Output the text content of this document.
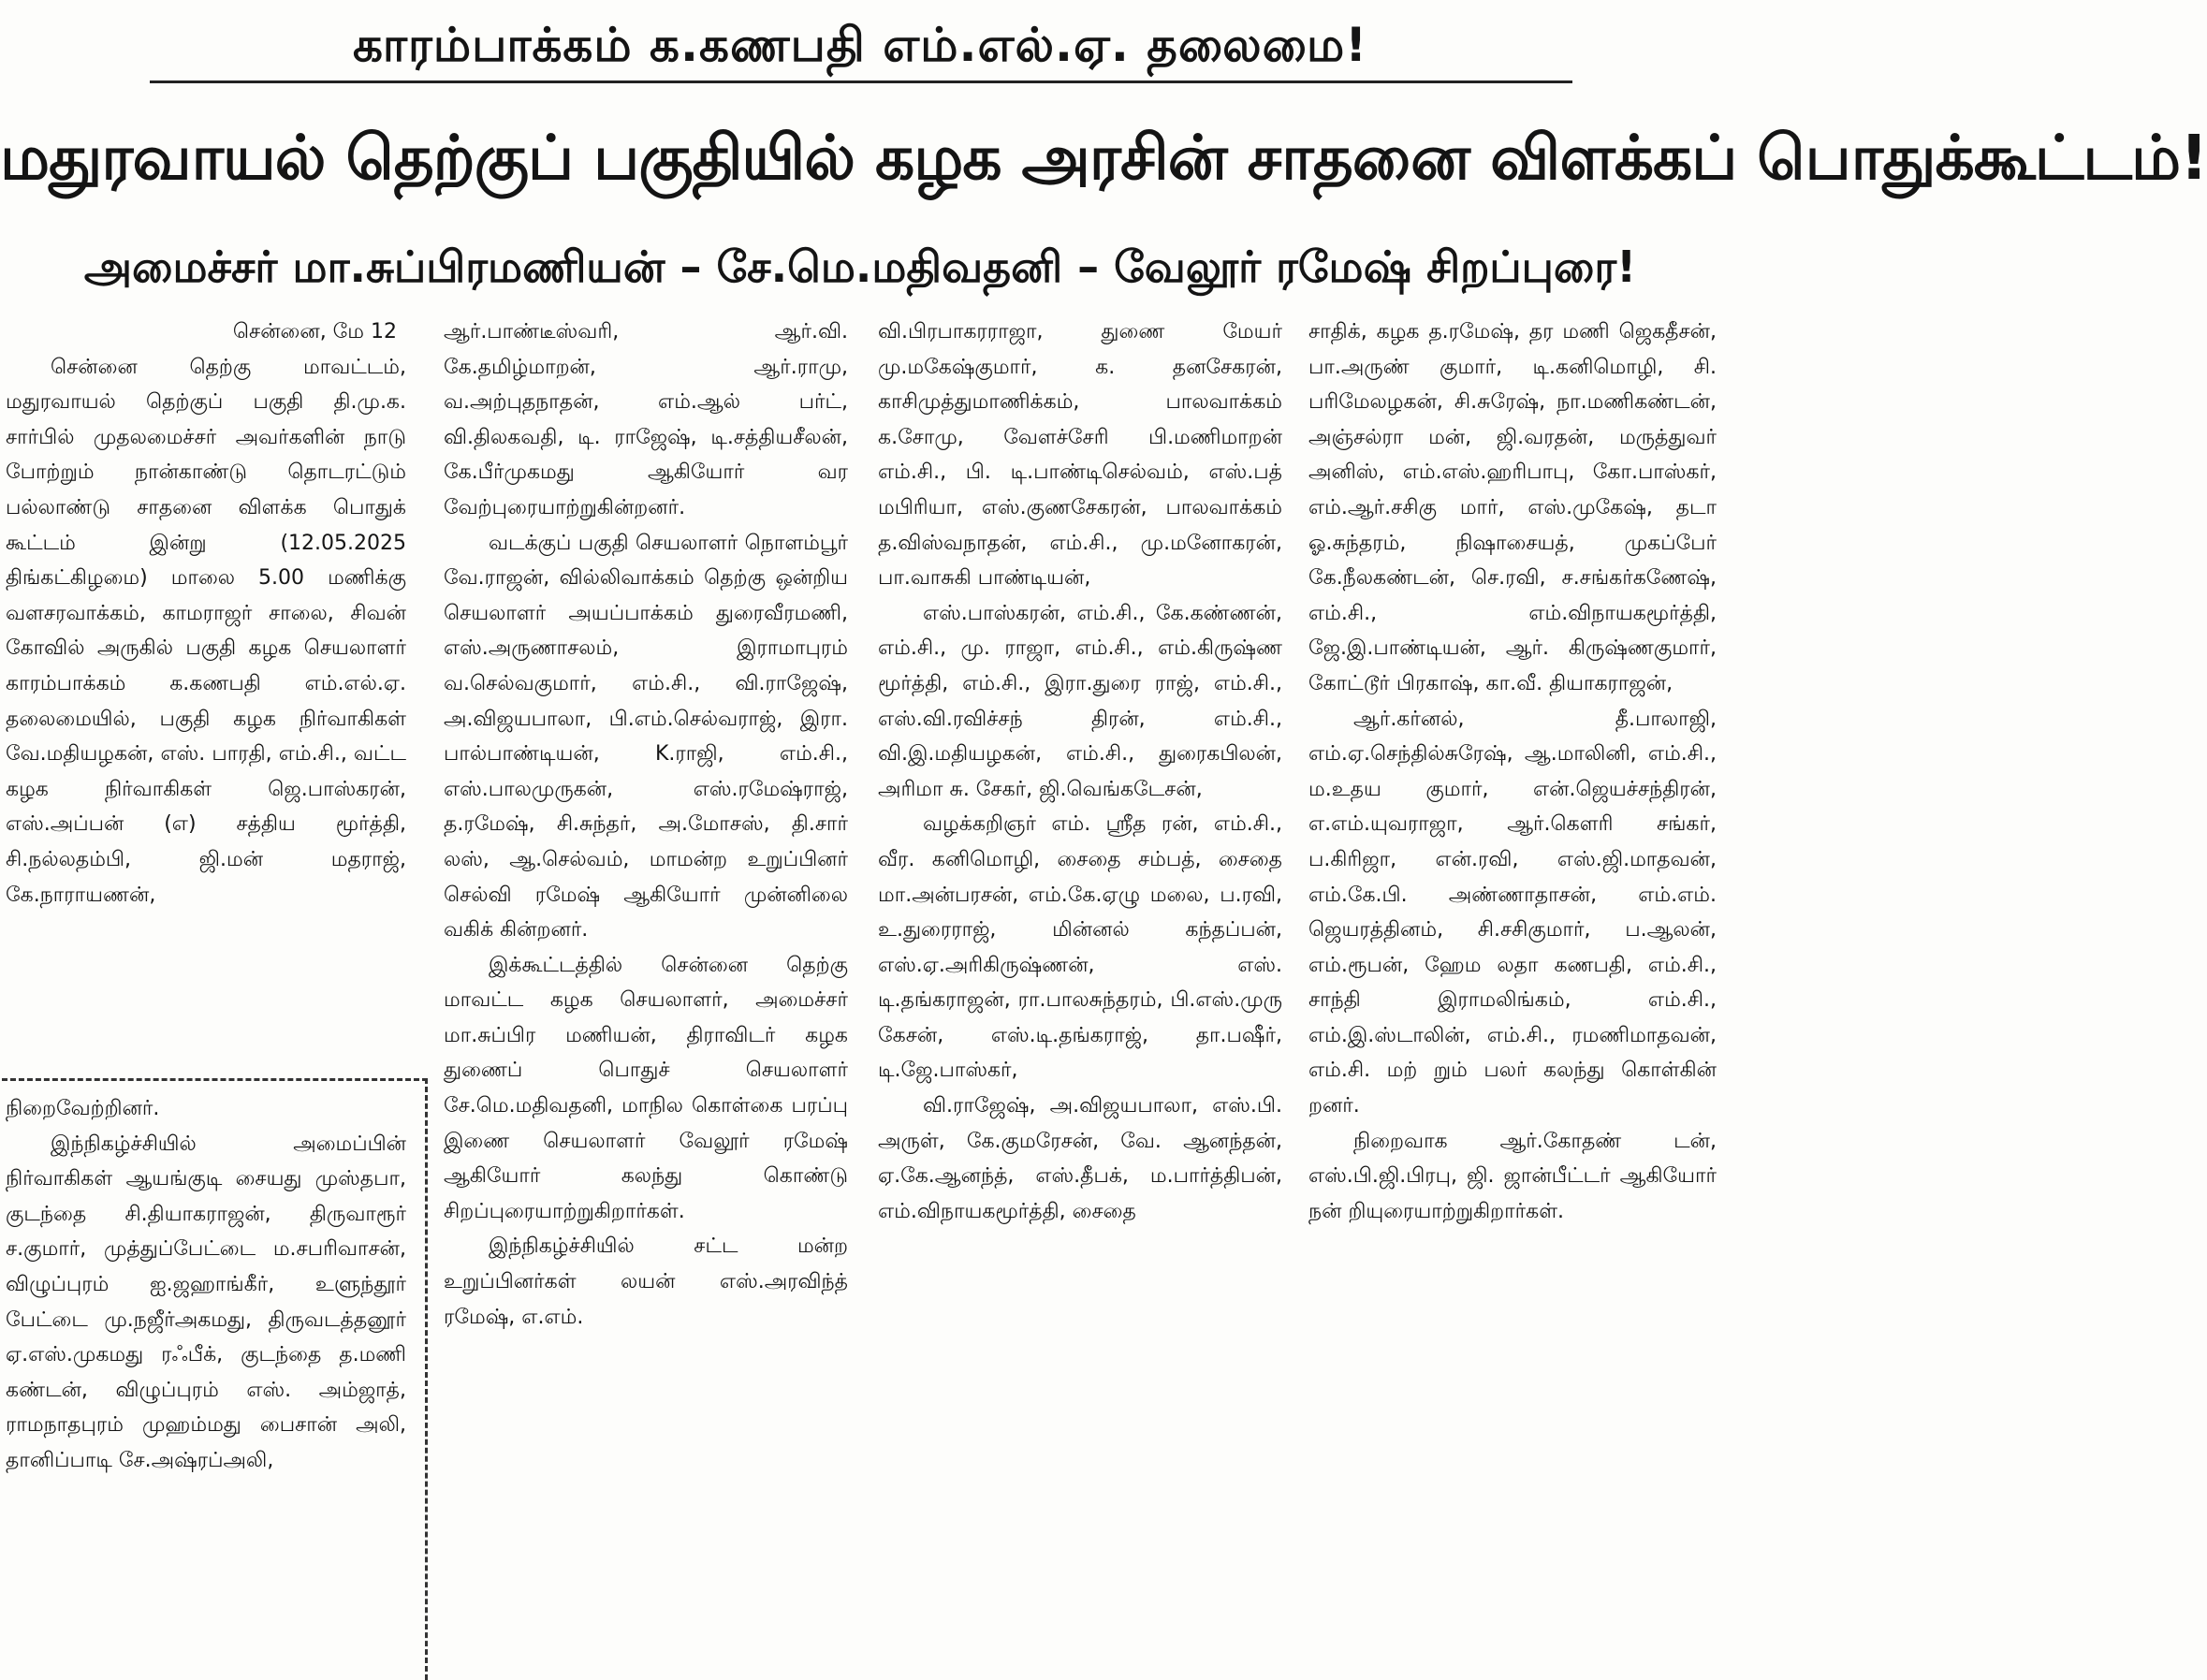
காரம்பாக்கம் க.கணபதி எம்.எல்.ஏ. தலைமை!
மதுரவாயல் தெற்குப் பகுதியில் கழக அரசின் சாதனை விளக்கப் பொதுக்கூட்டம்!
அமைச்சர் மா.சுப்பிரமணியன் – சே.மெ.மதிவதனி – வேலூர் ரமேஷ் சிறப்புரை!

சென்னை, மே 12

சென்னை தெற்கு மாவட்டம், மதுரவாயல் தெற்குப் பகுதி தி.மு.க. சார்பில் முதலமைச்சர் அவர்களின் நாடு போற்றும் நான்காண்டு தொடரட்டும் பல்லாண்டு சாதனை விளக்க பொதுக் கூட்டம் இன்று (12.05.2025 திங்கட்கிழமை) மாலை 5.00 மணிக்கு வளசரவாக்கம், காமராஜர் சாலை, சிவன் கோவில் அருகில் பகுதி கழக செயலாளர் காரம்பாக்கம் க.கணபதி எம்.எல்.ஏ. தலைமையில், பகுதி கழக நிர்வாகிகள் வே.மதியழகன், எஸ். பாரதி, எம்.சி., வட்ட கழக நிர்வாகிகள் ஜெ.பாஸ்கரன், எஸ்.அப்பன் (எ) சத்திய மூர்த்தி, சி.நல்லதம்பி, ஜி.மன் மதராஜ், கே.நாராயணன்,

நிறைவேற்றினர்.

இந்நிகழ்ச்சியில் அமைப்பின் நிர்வாகிகள் ஆயங்குடி சையது முஸ்தபா, குடந்தை சி.தியாகராஜன், திருவாரூர் ச.குமார், முத்துப்பேட்டை ம.சபரிவாசன், விழுப்புரம் ஐ.ஜஹாங்கீர், உளுந்தூர் பேட்டை மு.நஜீர்அகமது, திருவடத்தனூர் ஏ.எஸ்.முகமது ரஃபீக், குடந்தை த.மணி கண்டன், விழுப்புரம் எஸ். அம்ஜாத், ராமநாதபுரம் முஹம்மது பைசான் அலி, தானிப்பாடி சே.அஷ்ரப்அலி,

ஆர்.பாண்டீஸ்வரி, ஆர்.வி. கே.தமிழ்மாறன், ஆர்.ராமு, வ.அற்புதநாதன், எம்.ஆல் பர்ட், வி.திலகவதி, டி. ராஜேஷ், டி.சத்தியசீலன், கே.பீர்முகமது ஆகியோர் வர வேற்புரையாற்றுகின்றனர்.

வடக்குப் பகுதி செயலாளர் நொளம்பூர் வே.ராஜன், வில்லிவாக்கம் தெற்கு ஒன்றிய செயலாளர் அயப்பாக்கம் துரைவீரமணி, எஸ்.அருணாசலம், இராமாபுரம் வ.செல்வகுமார், எம்.சி., வி.ராஜேஷ், அ.விஜயபாலா, பி.எம்.செல்வராஜ், இரா. பால்பாண்டியன், K.ராஜி, எம்.சி., எஸ்.பாலமுருகன், எஸ்.ரமேஷ்ராஜ், த.ரமேஷ், சி.சுந்தர், அ.மோசஸ், தி.சார் லஸ், ஆ.செல்வம், மாமன்ற உறுப்பினர் செல்வி ரமேஷ் ஆகியோர் முன்னிலை வகிக் கின்றனர்.

இக்கூட்டத்தில் சென்னை தெற்கு மாவட்ட கழக செயலாளர், அமைச்சர் மா.சுப்பிர மணியன், திராவிடர் கழக துணைப் பொதுச் செயலாளர் சே.மெ.மதிவதனி, மாநில கொள்கை பரப்பு இணை செயலாளர் வேலூர் ரமேஷ் ஆகியோர் கலந்து கொண்டு சிறப்புரையாற்றுகிறார்கள்.

இந்நிகழ்ச்சியில் சட்ட மன்ற உறுப்பினர்கள் லயன் எஸ்.அரவிந்த் ரமேஷ், எ.எம்.

வி.பிரபாகரராஜா, துணை மேயர் மு.மகேஷ்குமார், க. தனசேகரன், காசிமுத்துமாணிக்கம், பாலவாக்கம் க.சோமு, வேளச்சேரி பி.மணிமாறன் எம்.சி., பி. டி.பாண்டிசெல்வம், எஸ்.பத் மபிரியா, எஸ்.குணசேகரன், பாலவாக்கம் த.விஸ்வநாதன், எம்.சி., மு.மனோகரன், பா.வாசுகி பாண்டியன்,

எஸ்.பாஸ்கரன், எம்.சி., கே.கண்ணன், எம்.சி., மு. ராஜா, எம்.சி., எம்.கிருஷ்ண மூர்த்தி, எம்.சி., இரா.துரை ராஜ், எம்.சி., எஸ்.வி.ரவிச்சந் திரன், எம்.சி., வி.இ.மதியழகன், எம்.சி., துரைகபிலன், அரிமா சு. சேகர், ஜி.வெங்கடேசன்,

வழக்கறிஞர் எம். ஸ்ரீத ரன், எம்.சி., வீர. கனிமொழி, சைதை சம்பத், சைதை மா.அன்பரசன், எம்.கே.ஏழு மலை, ப.ரவி, உ.துரைராஜ், மின்னல் கந்தப்பன், எஸ்.ஏ.அரிகிருஷ்ணன், எஸ். டி.தங்கராஜன், ரா.பாலசுந்தரம், பி.எஸ்.முரு கேசன், எஸ்.டி.தங்கராஜ், தா.பஷீர், டி.ஜே.பாஸ்கர்,

வி.ராஜேஷ், அ.விஜயபாலா, எஸ்.பி. அருள், கே.குமரேசன், வே. ஆனந்தன், ஏ.கே.ஆனந்த், எஸ்.தீபக், ம.பார்த்திபன், எம்.விநாயகமூர்த்தி, சைதை

சாதிக், கழக த.ரமேஷ், தர மணி ஜெகதீசன், பா.அருண் குமார், டி.கனிமொழி, சி. பரிமேலழகன், சி.சுரேஷ், நா.மணிகண்டன், அஞ்சல்ரா மன், ஜி.வரதன், மருத்துவர் அனிஸ், எம்.எஸ்.ஹரிபாபு, கோ.பாஸ்கர், எம்.ஆர்.சசிகு மார், எஸ்.முகேஷ், தடா ஓ.சுந்தரம், நிஷாசையத், முகப்பேர் கே.நீலகண்டன், செ.ரவி, ச.சங்கர்கணேஷ், எம்.சி., எம்.விநாயகமூர்த்தி, ஜே.இ.பாண்டியன், ஆர். கிருஷ்ணகுமார், கோட்டூர் பிரகாஷ், கா.வீ. தியாகராஜன்,

ஆர்.கர்னல், தீ.பாலாஜி, எம்.ஏ.செந்தில்சுரேஷ், ஆ.மாலினி, எம்.சி., ம.உதய குமார், என்.ஜெயச்சந்திரன், எ.எம்.யுவராஜா, ஆர்.கௌரி சங்கர், ப.கிரிஜா, என்.ரவி, எஸ்.ஜி.மாதவன், எம்.கே.பி. அண்ணாதாசன், எம்.எம். ஜெயரத்தினம், சி.சசிகுமார், ப.ஆலன், எம்.ரூபன், ஹேம லதா கணபதி, எம்.சி., சாந்தி இராமலிங்கம், எம்.சி., எம்.இ.ஸ்டாலின், எம்.சி., ரமணிமாதவன், எம்.சி. மற் றும் பலர் கலந்து கொள்கின் றனர்.

நிறைவாக ஆர்.கோதண் டன், எஸ்.பி.ஜி.பிரபு, ஜி. ஜான்பீட்டர் ஆகியோர் நன் றியுரையாற்றுகிறார்கள்.
